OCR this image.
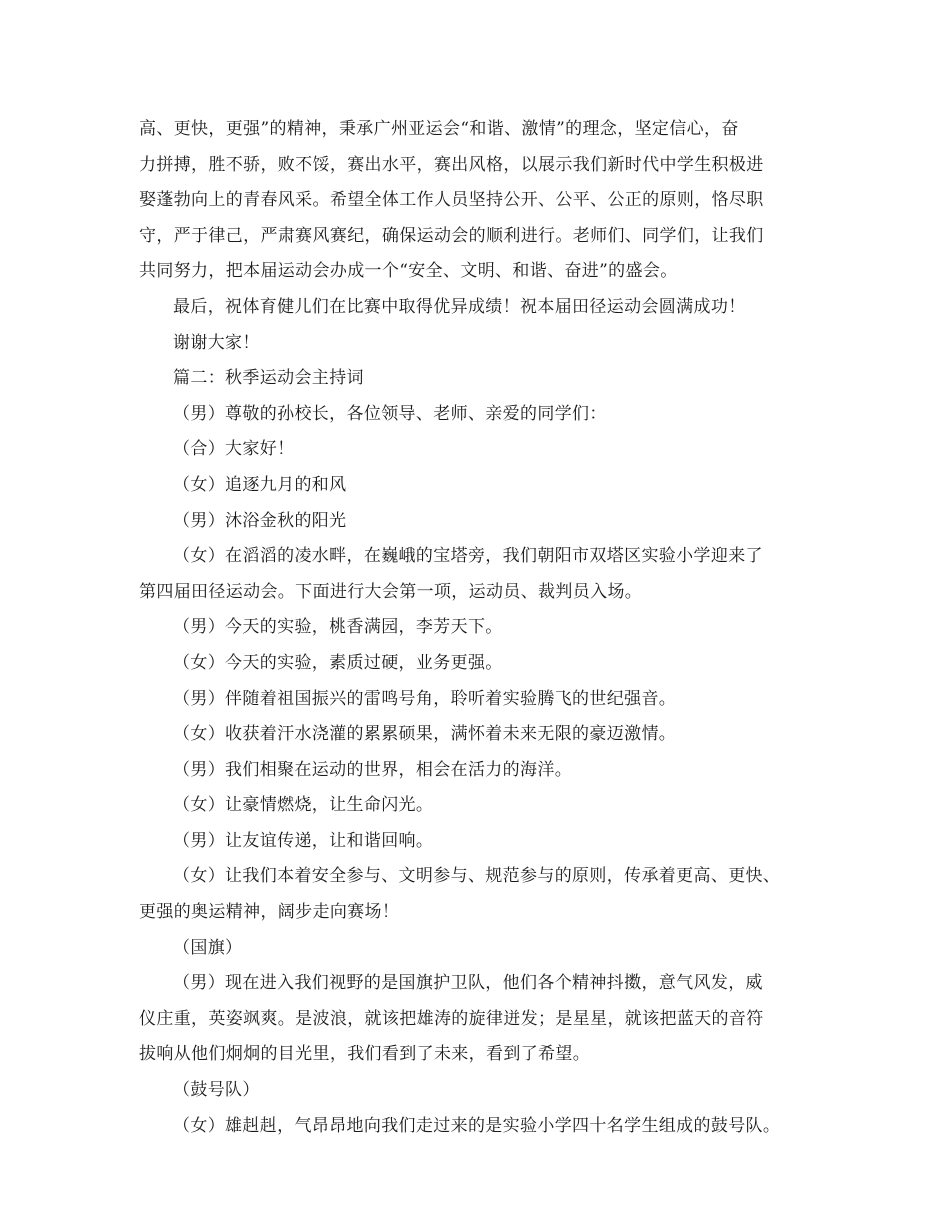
高、更快，更强”的精神，秉承广州亚运会“和谐、激情”的理念，坚定信心，奋
力拼搏，胜不骄，败不馁，赛出水平，赛出风格，以展示我们新时代中学生积极进
娶蓬勃向上的青春风采。希望全体工作人员坚持公开、公平、公正的原则，恪尽职
守，严于律己，严肃赛风赛纪，确保运动会的顺利进行。老师们、同学们，让我们
共同努力，把本届运动会办成一个“安全、文明、和谐、奋进”的盛会。
最后，祝体育健儿们在比赛中取得优异成绩！祝本届田径运动会圆满成功！
谢谢大家！
篇二：秋季运动会主持词
（男）尊敬的孙校长，各位领导、老师、亲爱的同学们：
（合）大家好！
（女）追逐九月的和风
（男）沐浴金秋的阳光
（女）在滔滔的凌水畔，在巍峨的宝塔旁，我们朝阳市双塔区实验小学迎来了
第四届田径运动会。下面进行大会第一项，运动员、裁判员入场。
（男）今天的实验，桃香满园，李芳天下。
（女）今天的实验，素质过硬，业务更强。
（男）伴随着祖国振兴的雷鸣号角，聆听着实验腾飞的世纪强音。
（女）收获着汗水浇灌的累累硕果，满怀着未来无限的豪迈激情。
（男）我们相聚在运动的世界，相会在活力的海洋。
（女）让豪情燃烧，让生命闪光。
（男）让友谊传递，让和谐回响。
（女）让我们本着安全参与、文明参与、规范参与的原则，传承着更高、更快、
更强的奥运精神，阔步走向赛场！
（国旗）
（男）现在进入我们视野的是国旗护卫队，他们各个精神抖擞，意气风发，威
仪庄重，英姿飒爽。是波浪，就该把雄涛的旋律迸发；是星星，就该把蓝天的音符
拔响从他们炯炯的目光里，我们看到了未来，看到了希望。
（鼓号队）
（女）雄赳赳，气昂昂地向我们走过来的是实验小学四十名学生组成的鼓号队。
